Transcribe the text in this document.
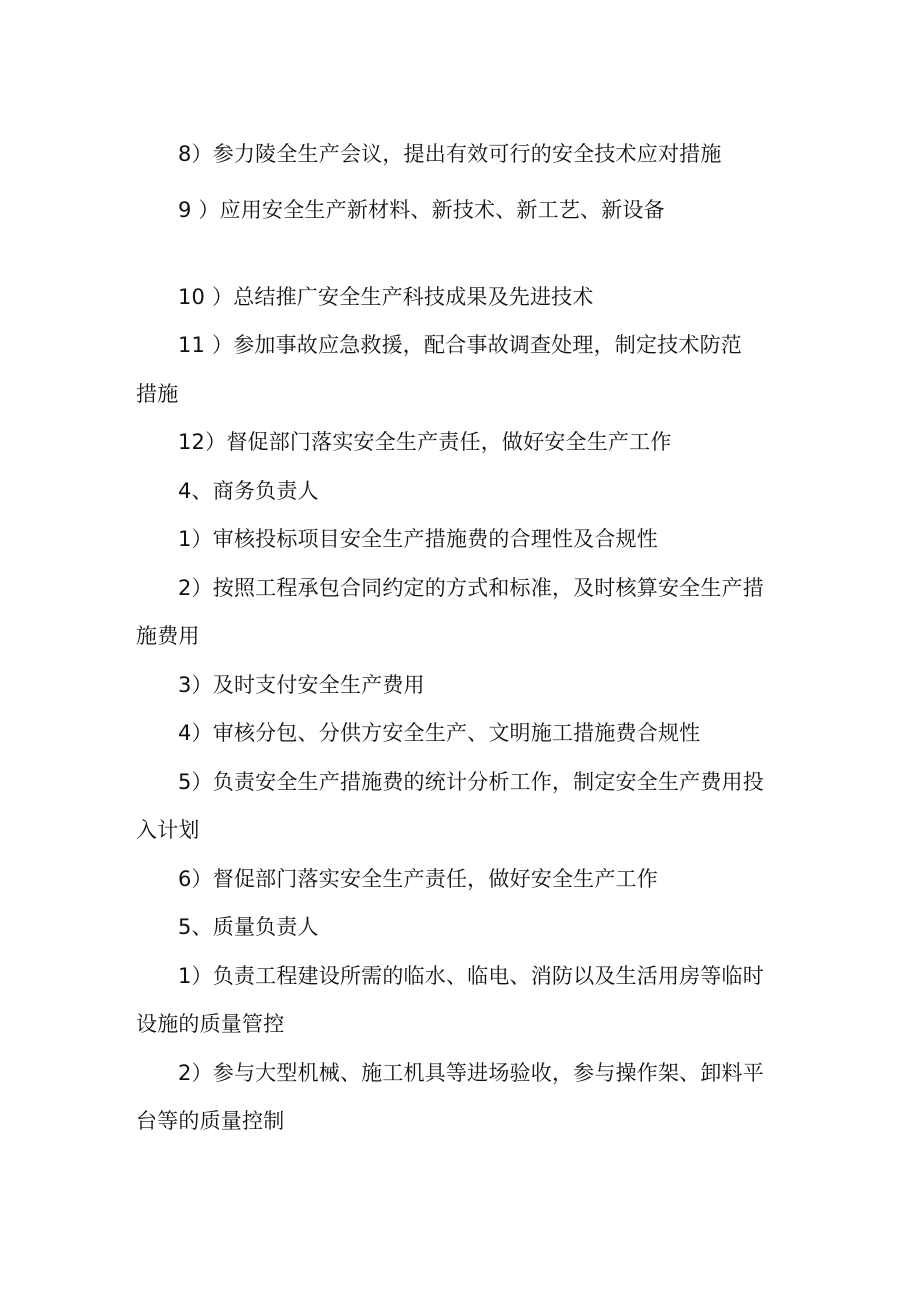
8）参力陵全生产会议，提出有效可行的安全技术应对措施
9 ）应用安全生产新材料、新技术、新工艺、新设备
10 ）总结推广安全生产科技成果及先进技术
11 ）参加事故应急救援，配合事故调查处理，制定技术防范
措施
12）督促部门落实安全生产责任，做好安全生产工作
4、商务负责人
1）审核投标项目安全生产措施费的合理性及合规性
2）按照工程承包合同约定的方式和标准，及时核算安全生产措
施费用
3）及时支付安全生产费用
4）审核分包、分供方安全生产、文明施工措施费合规性
5）负责安全生产措施费的统计分析工作，制定安全生产费用投
入计划
6）督促部门落实安全生产责任，做好安全生产工作
5、质量负责人
1）负责工程建设所需的临水、临电、消防以及生活用房等临时
设施的质量管控
2）参与大型机械、施工机具等进场验收，参与操作架、卸料平
台等的质量控制
